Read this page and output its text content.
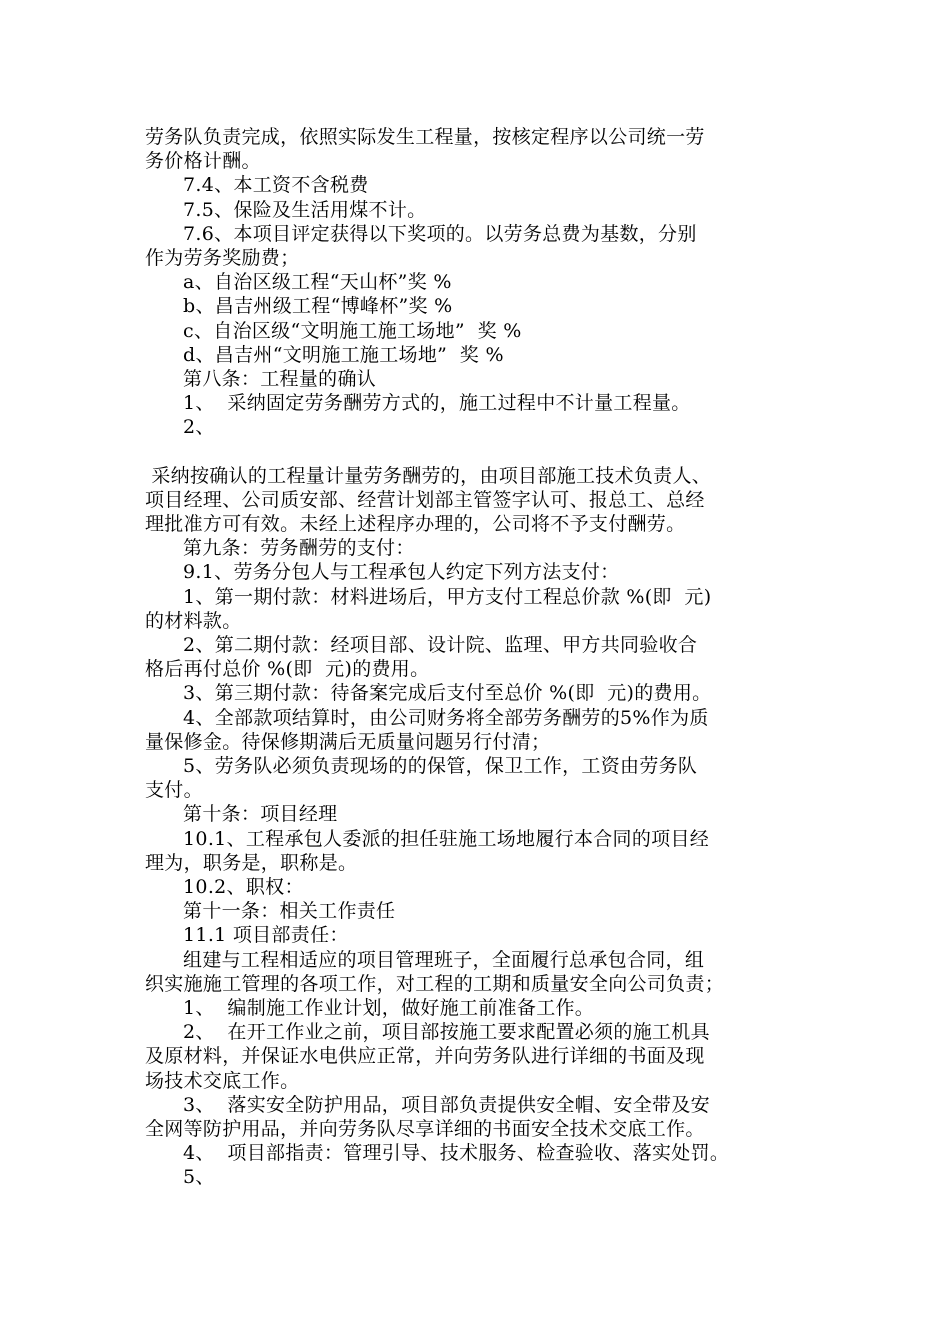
劳务队负责完成，依照实际发生工程量，按核定程序以公司统一劳
务价格计酬。
7.4、本工资不含税费
7.5、保险及生活用煤不计。
7.6、本项目评定获得以下奖项的。以劳务总费为基数，分别
作为劳务奖励费；
a、自治区级工程“天山杯”奖 %
b、昌吉州级工程“博峰杯”奖 %
c、自治区级“文明施工施工场地”  奖 %
d、昌吉州“文明施工施工场地”  奖 %
第八条：工程量的确认
1、  采纳固定劳务酬劳方式的，施工过程中不计量工程量。
2、
采纳按确认的工程量计量劳务酬劳的，由项目部施工技术负责人、
项目经理、公司质安部、经营计划部主管签字认可、报总工、总经
理批准方可有效。未经上述程序办理的，公司将不予支付酬劳。
第九条：劳务酬劳的支付：
9.1、劳务分包人与工程承包人约定下列方法支付：
1、第一期付款：材料进场后，甲方支付工程总价款 %(即  元)
的材料款。
2、第二期付款：经项目部、设计院、监理、甲方共同验收合
格后再付总价 %(即  元)的费用。
3、第三期付款：待备案完成后支付至总价 %(即  元)的费用。
4、全部款项结算时，由公司财务将全部劳务酬劳的5%作为质
量保修金。待保修期满后无质量问题另行付清；
5、劳务队必须负责现场的的保管，保卫工作，工资由劳务队
支付。
第十条：项目经理
10.1、工程承包人委派的担任驻施工场地履行本合同的项目经
理为，职务是，职称是。
10.2、职权：
第十一条：相关工作责任
11.1 项目部责任：
组建与工程相适应的项目管理班子，全面履行总承包合同，组
织实施施工管理的各项工作，对工程的工期和质量安全向公司负责；
1、  编制施工作业计划，做好施工前准备工作。
2、  在开工作业之前，项目部按施工要求配置必须的施工机具
及原材料，并保证水电供应正常，并向劳务队进行详细的书面及现
场技术交底工作。
3、  落实安全防护用品，项目部负责提供安全帽、安全带及安
全网等防护用品，并向劳务队尽享详细的书面安全技术交底工作。
4、  项目部指责：管理引导、技术服务、检查验收、落实处罚。
5、
